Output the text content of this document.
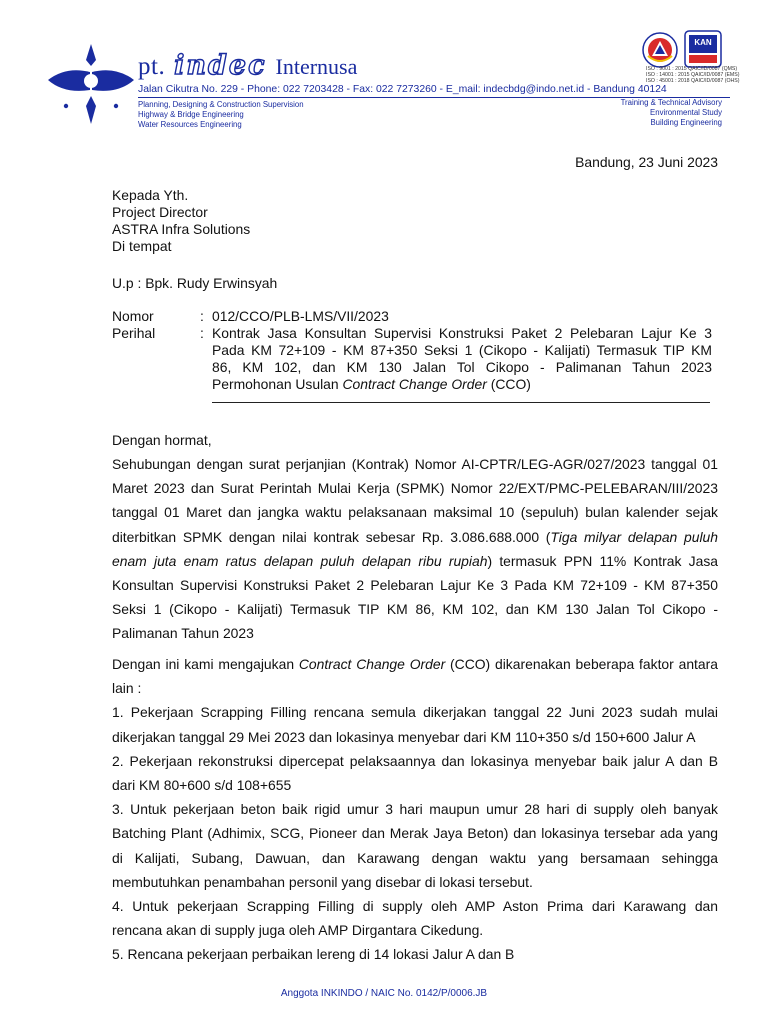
pt. indec Internusa
Jalan Cikutra No. 229 - Phone: 022 7203428 - Fax: 022 7273260 - E_mail: indecbdg@indo.net.id - Bandung 40124
Planning, Designing & Construction Supervision
Highway & Bridge Engineering
Water Resources Engineering
Training & Technical Advisory
Environmental Study
Building Engineering
KAN
ISO : 9001 : 2015 QAIC/ID/0087 (QMS)
ISO : 14001 : 2015 QAIC/ID/0087 (EMS)
ISO : 45001 : 2018 QAIC/ID/0087 (OHS)
Bandung, 23 Juni 2023
Kepada Yth.
Project Director
ASTRA Infra Solutions
Di tempat
U.p : Bpk. Rudy Erwinsyah
Nomor	: 012/CCO/PLB-LMS/VII/2023
Perihal	: Kontrak Jasa Konsultan Supervisi Konstruksi Paket 2 Pelebaran Lajur Ke 3
Pada KM 72+109 - KM 87+350 Seksi 1 (Cikopo - Kalijati) Termasuk TIP KM
86, KM 102, dan KM 130 Jalan Tol Cikopo - Palimanan Tahun 2023
Permohonan Usulan Contract Change Order (CCO)
Dengan hormat,
Sehubungan dengan surat perjanjian (Kontrak) Nomor AI-CPTR/LEG-AGR/027/2023 tanggal 01
Maret 2023 dan Surat Perintah Mulai Kerja (SPMK) Nomor 22/EXT/PMC-PELEBARAN/III/2023
tanggal 01 Maret dan jangka waktu pelaksanaan maksimal 10 (sepuluh) bulan kalender sejak
diterbitkan SPMK dengan nilai kontrak sebesar Rp. 3.086.688.000 (Tiga milyar delapan puluh
enam juta enam ratus delapan puluh delapan ribu rupiah) termasuk PPN 11% Kontrak Jasa
Konsultan Supervisi Konstruksi Paket 2 Pelebaran Lajur Ke 3 Pada KM 72+109 - KM 87+350
Seksi 1 (Cikopo - Kalijati) Termasuk TIP KM 86, KM 102, dan KM 130 Jalan Tol Cikopo -
Palimanan Tahun 2023
Dengan ini kami mengajukan Contract Change Order (CCO) dikarenakan beberapa faktor antara
lain :
1. Pekerjaan Scrapping Filling rencana semula dikerjakan tanggal 22 Juni 2023 sudah mulai
dikerjakan tanggal 29 Mei 2023 dan lokasinya menyebar dari KM 110+350 s/d 150+600 Jalur A
2. Pekerjaan rekonstruksi dipercepat pelaksaannya dan lokasinya menyebar baik jalur A dan B
dari KM 80+600 s/d 108+655
3. Untuk pekerjaan beton baik rigid umur 3 hari maupun umur 28 hari di supply oleh banyak
Batching Plant (Adhimix, SCG, Pioneer dan Merak Jaya Beton) dan lokasinya tersebar ada yang
di Kalijati, Subang, Dawuan, dan Karawang dengan waktu yang bersamaan sehingga
membutuhkan penambahan personil yang disebar di lokasi tersebut.
4. Untuk pekerjaan Scrapping Filling di supply oleh AMP Aston Prima dari Karawang dan
rencana akan di supply juga oleh AMP Dirgantara Cikedung.
5. Rencana pekerjaan perbaikan lereng di 14 lokasi Jalur A dan B
Anggota INKINDO / NAIC No. 0142/P/0006.JB
